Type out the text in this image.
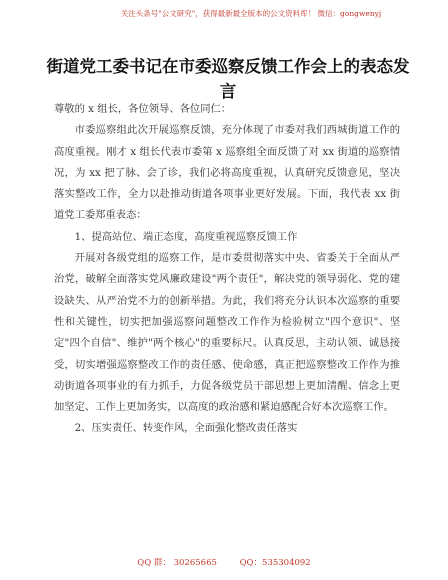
关注头条号"公文研究"，获得最新最全版本的公文资料库！ 微信：gongwenyj
街道党工委书记在市委巡察反馈工作会上的表态发言

尊敬的 x 组长，各位领导、各位同仁：

市委巡察组此次开展巡察反馈，充分体现了市委对我们西城街道工作的高度重视。刚才 x 组长代表市委第 x 巡察组全面反馈了对 xx 街道的巡察情况，为 xx 把了脉、会了诊，我们必将高度重视，认真研究反馈意见，坚决落实整改工作，全力以赴推动街道各项事业更好发展。下面，我代表 xx 街道党工委郑重表态：

1、提高站位、端正态度，高度重视巡察反馈工作

开展对各级党组的巡察工作，是市委贯彻落实中央、省委关于全面从严治党，破解全面落实党风廉政建设"两个责任"，解决党的领导弱化、党的建设缺失、从严治党不力的创新举措。为此，我们将充分认识本次巡察的重要性和关键性，切实把加强巡察问题整改工作作为检验树立"四个意识"、坚定"四个自信"、维护"两个核心"的重要标尺。认真反思，主动认领、诚恳接受，切实增强巡察整改工作的责任感、使命感，真正把巡察整改工作作为推动街道各项事业的有力抓手，力促各级党员干部思想上更加清醒、信念上更加坚定、工作上更加务实，以高度的政治感和紧迫感配合好本次巡察工作。

2、压实责任、转变作风，全面强化整改责任落实

QQ 群： 30265665	QQ：535304092
